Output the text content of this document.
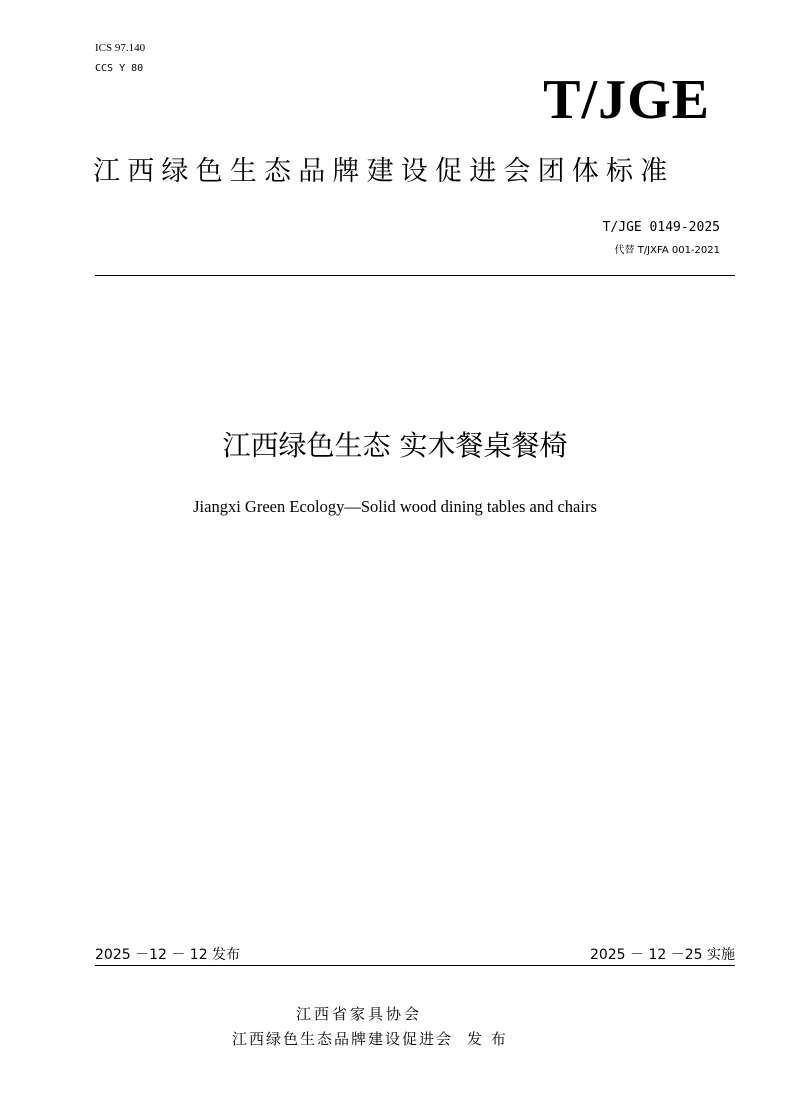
ICS 97.140
CCS Y 80
T/JGE
江西绿色生态品牌建设促进会团体标准
T/JGE 0149-2025
代替 T/JXFA 001-2021
江西绿色生态 实木餐桌餐椅
Jiangxi Green Ecology—Solid wood dining tables and chairs
2025 －12 － 12 发布	2025 － 12 －25 实施
江西省家具协会
江西绿色生态品牌建设促进会 发 布
